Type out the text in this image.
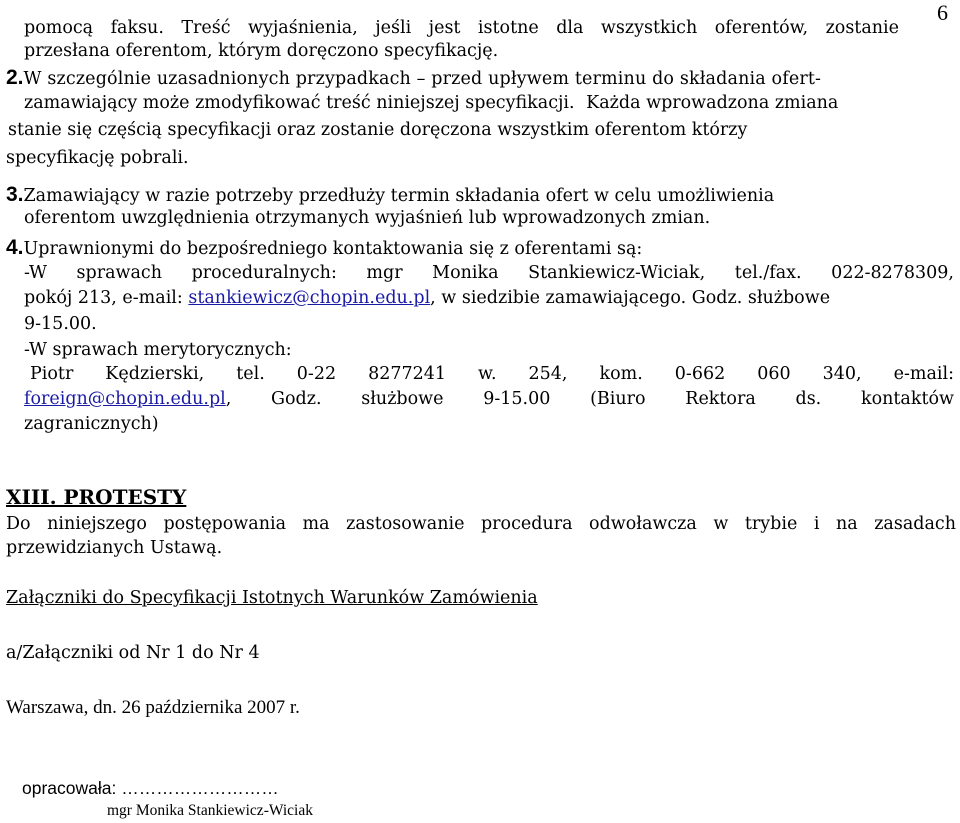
6
pomocą faksu. Treść wyjaśnienia, jeśli jest istotne dla wszystkich oferentów, zostanie
przesłana oferentom, którym doręczono specyfikację.
2.W szczególnie uzasadnionych przypadkach – przed upływem terminu do składania ofert-
zamawiający może zmodyfikować treść niniejszej specyfikacji. Każda wprowadzona zmiana
stanie się częścią specyfikacji oraz zostanie doręczona wszystkim oferentom którzy
specyfikację pobrali.
3.Zamawiający w razie potrzeby przedłuży termin składania ofert w celu umożliwienia
oferentom uwzględnienia otrzymanych wyjaśnień lub wprowadzonych zmian.
4.Uprawnionymi do bezpośredniego kontaktowania się z oferentami są:
-W sprawach proceduralnych: mgr Monika Stankiewicz-Wiciak, tel./fax. 022-8278309,
pokój 213, e-mail: stankiewicz@chopin.edu.pl, w siedzibie zamawiającego. Godz. służbowe
9-15.00.
-W sprawach merytorycznych:
Piotr Kędzierski, tel. 0-22 8277241 w. 254, kom. 0-662 060 340, e-mail:
foreign@chopin.edu.pl , Godz. służbowe 9-15.00 (Biuro Rektora ds. kontaktów
zagranicznych)
XIII. PROTESTY
Do niniejszego postępowania ma zastosowanie procedura odwoławcza w trybie i na zasadach
przewidzianych Ustawą.
Załączniki do Specyfikacji Istotnych Warunków Zamówienia
a/Załączniki od Nr 1 do Nr 4
Warszawa, dn. 26 października 2007 r.
opracowała: ………………………
mgr Monika Stankiewicz-Wiciak
